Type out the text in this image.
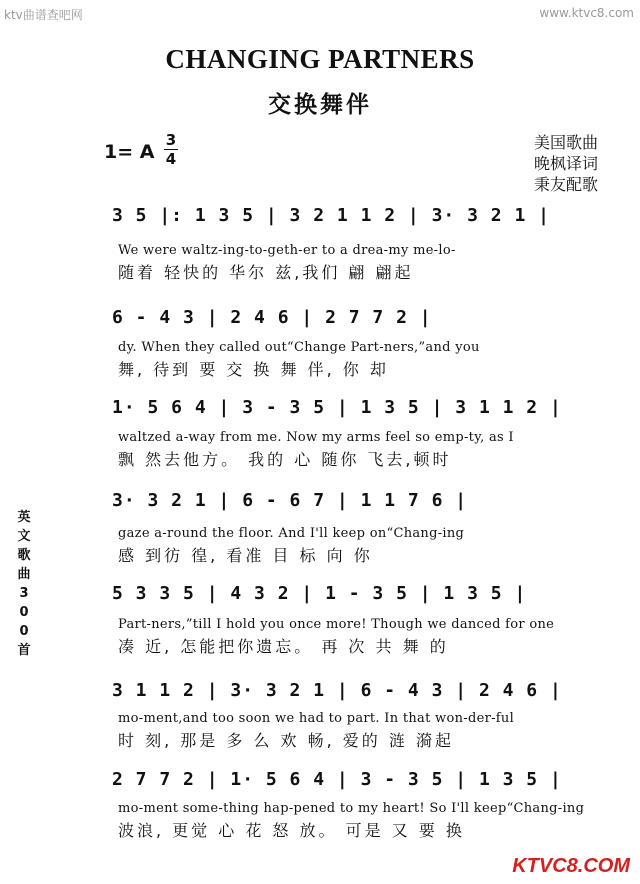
ktv曲谱查吧网	www.ktvc8.com
CHANGING PARTNERS
交换舞伴
1= A
3
4
美国歌曲
晚枫译词
秉友配歌
英
文
歌
曲
3
0
0
首
3 5 |: 1 3 5 | 3 2 1 1 2 | 3· 3 2 1 |
We were waltz-ing-to-geth-er to a drea-my me-lo-
随着 轻快的 华尔 兹,我们 翩 翩起
6 - 4 3 | 2 4 6 | 2 7 7 2 |
dy. When they called out“Change Part-ners,”and you
舞, 待到 要 交 换 舞 伴, 你 却
1· 5 6 4 | 3 - 3 5 | 1 3 5 | 3 1 1 2 |
waltzed a-way from me. Now my arms feel so emp-ty, as I
飘 然去他方。 我的 心 随你 飞去,顿时
3· 3 2 1 | 6 - 6 7 | 1 1 7 6 |
gaze a-round the floor. And I'll keep on“Chang-ing
感 到彷 徨, 看准 目 标 向 你
5 3 3 5 | 4 3 2 | 1 - 3 5 | 1 3 5 |
Part-ners,”till I hold you once more! Though we danced for one
凑 近, 怎能把你遗忘。 再 次 共 舞 的
3 1 1 2 | 3· 3 2 1 | 6 - 4 3 | 2 4 6 |
mo-ment,and too soon we had to part. In that won-der-ful
时 刻, 那是 多 么 欢 畅, 爱的 涟 漪起
2 7 7 2 | 1· 5 6 4 | 3 - 3 5 | 1 3 5 |
mo-ment some-thing hap-pened to my heart! So I'll keep“Chang-ing
波浪, 更觉 心 花 怒 放。 可是 又 要 换
KTVC8.COM
